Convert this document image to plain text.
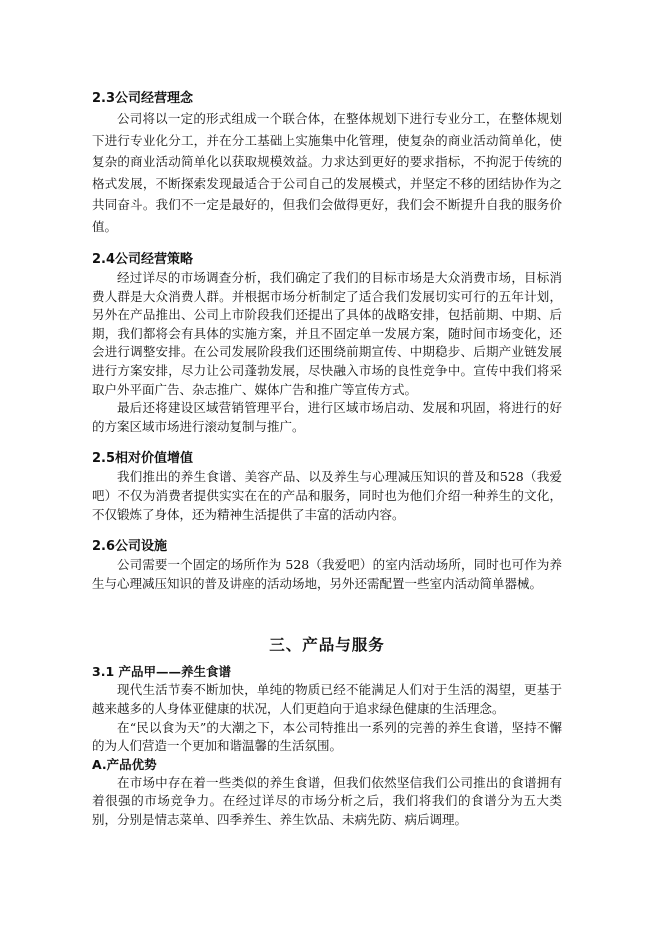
2.3公司经营理念

公司将以一定的形式组成一个联合体，在整体规划下进行专业分工，在整体规划下进行专业化分工，并在分工基础上实施集中化管理，使复杂的商业活动简单化，使复杂的商业活动简单化以获取规模效益。力求达到更好的要求指标，不拘泥于传统的格式发展，不断探索发现最适合于公司自己的发展模式，并坚定不移的团结协作为之共同奋斗。我们不一定是最好的，但我们会做得更好，我们会不断提升自我的服务价值。

2.4公司经营策略

经过详尽的市场调查分析，我们确定了我们的目标市场是大众消费市场，目标消费人群是大众消费人群。并根据市场分析制定了适合我们发展切实可行的五年计划，另外在产品推出、公司上市阶段我们还提出了具体的战略安排，包括前期、中期、后期，我们都将会有具体的实施方案，并且不固定单一发展方案，随时间市场变化，还会进行调整安排。在公司发展阶段我们还围绕前期宣传、中期稳步、后期产业链发展进行方案安排，尽力让公司蓬勃发展，尽快融入市场的良性竞争中。宣传中我们将采取户外平面广告、杂志推广、媒体广告和推广等宣传方式。

最后还将建设区域营销管理平台，进行区域市场启动、发展和巩固，将进行的好的方案区域市场进行滚动复制与推广。

2.5相对价值增值

我们推出的养生食谱、美容产品、以及养生与心理减压知识的普及和528（我爱吧）不仅为消费者提供实实在在的产品和服务，同时也为他们介绍一种养生的文化，不仅锻炼了身体，还为精神生活提供了丰富的活动内容。

2.6公司设施

公司需要一个固定的场所作为 528（我爱吧）的室内活动场所，同时也可作为养生与心理减压知识的普及讲座的活动场地，另外还需配置一些室内活动简单器械。

三、产品与服务
3.1 产品甲——养生食谱

现代生活节奏不断加快，单纯的物质已经不能满足人们对于生活的渴望，更基于越来越多的人身体亚健康的状况，人们更趋向于追求绿色健康的生活理念。

在“民以食为天”的大潮之下，本公司特推出一系列的完善的养生食谱，坚持不懈的为人们营造一个更加和谐温馨的生活氛围。

A.产品优势

在市场中存在着一些类似的养生食谱，但我们依然坚信我们公司推出的食谱拥有着很强的市场竞争力。在经过详尽的市场分析之后，我们将我们的食谱分为五大类别，分别是情志菜单、四季养生、养生饮品、未病先防、病后调理。
